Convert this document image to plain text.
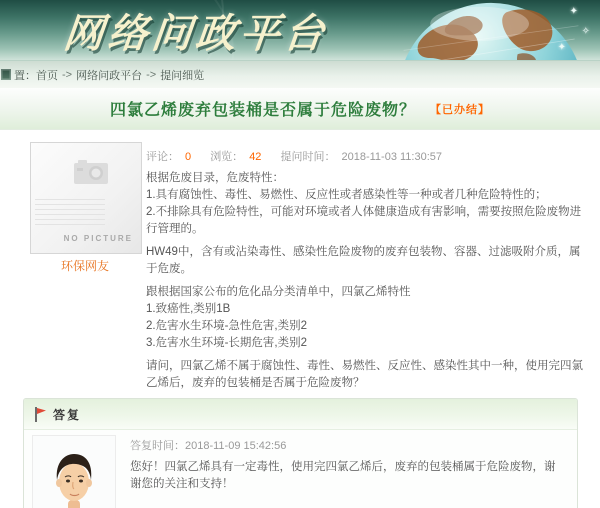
✦
✧
✦
网络问政平台
置： 首页 -> 网络问政平台 -> 提问细览
四氯乙烯废弃包装桶是否属于危险废物？ 【已办结】
NO PICTURE
环保网友
评论： 0 浏览： 42 提问时间： 2018-11-03 11:30:57
根据危废目录，危废特性：
1.具有腐蚀性、毒性、易燃性、反应性或者感染性等一种或者几种危险特性的；
2.不排除具有危险特性，可能对环境或者人体健康造成有害影响，需要按照危险废物进行管理的。
HW49中，含有或沾染毒性、感染性危险废物的废弃包装物、容器、过滤吸附介质，属于危废。
跟根据国家公布的危化品分类清单中，四氯乙烯特性
1.致癌性,类别1B
2.危害水生环境-急性危害,类别2
3.危害水生环境-长期危害,类别2
请问，四氯乙烯不属于腐蚀性、毒性、易燃性、反应性、感染性其中一种，使用完四氯乙烯后，废弃的包装桶是否属于危险废物？
答复
答复时间：2018-11-09 15:42:56
您好！四氯乙烯具有一定毒性，使用完四氯乙烯后，废弃的包装桶属于危险废物，谢谢您的关注和支持！
